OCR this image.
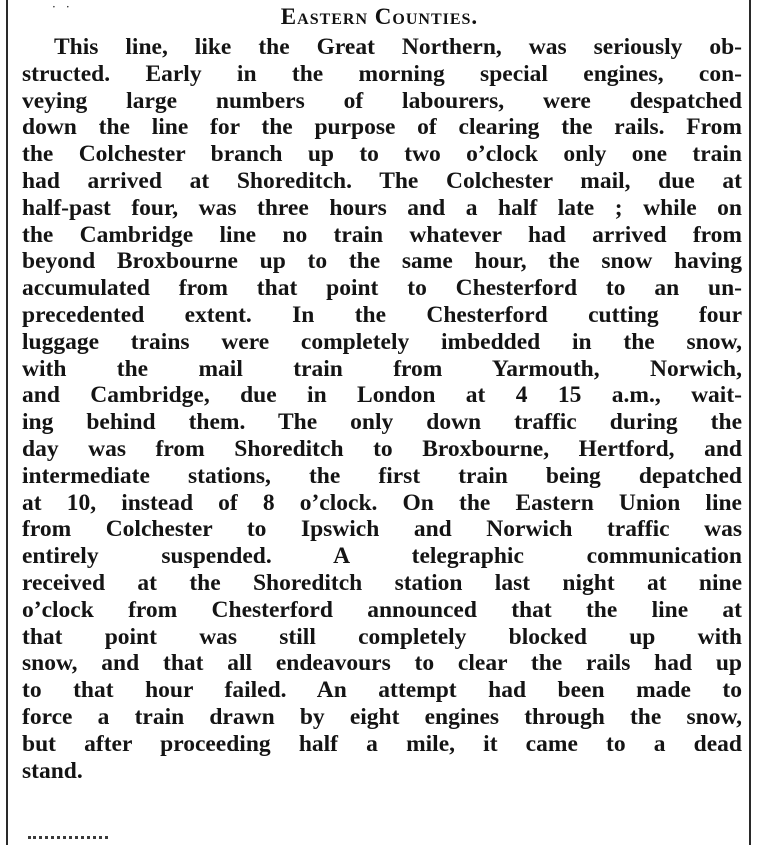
··	Eastern Counties.
This line, like the Great Northern, was seriously ob-
structed. Early in the morning special engines, con-
veying large numbers of labourers, were despatched
down the line for the purpose of clearing the rails. From
the Colchester branch up to two o’clock only one train
had arrived at Shoreditch. The Colchester mail, due at
half-past four, was three hours and a half late ; while on
the Cambridge line no train whatever had arrived from
beyond Broxbourne up to the same hour, the snow having
accumulated from that point to Chesterford to an un-
precedented extent. In the Chesterford cutting four
luggage trains were completely imbedded in the snow,
with the mail train from Yarmouth, Norwich,
and Cambridge, due in London at 4 15 a.m., wait-
ing behind them. The only down traffic during the
day was from Shoreditch to Broxbourne, Hertford, and
intermediate stations, the first train being depatched
at 10, instead of 8 o’clock. On the Eastern Union line
from Colchester to Ipswich and Norwich traffic was
entirely suspended. A telegraphic communication
received at the Shoreditch station last night at nine
o’clock from Chesterford announced that the line at
that point was still completely blocked up with
snow, and that all endeavours to clear the rails had up
to that hour failed. An attempt had been made to
force a train drawn by eight engines through the snow,
but after proceeding half a mile, it came to a dead
stand.
